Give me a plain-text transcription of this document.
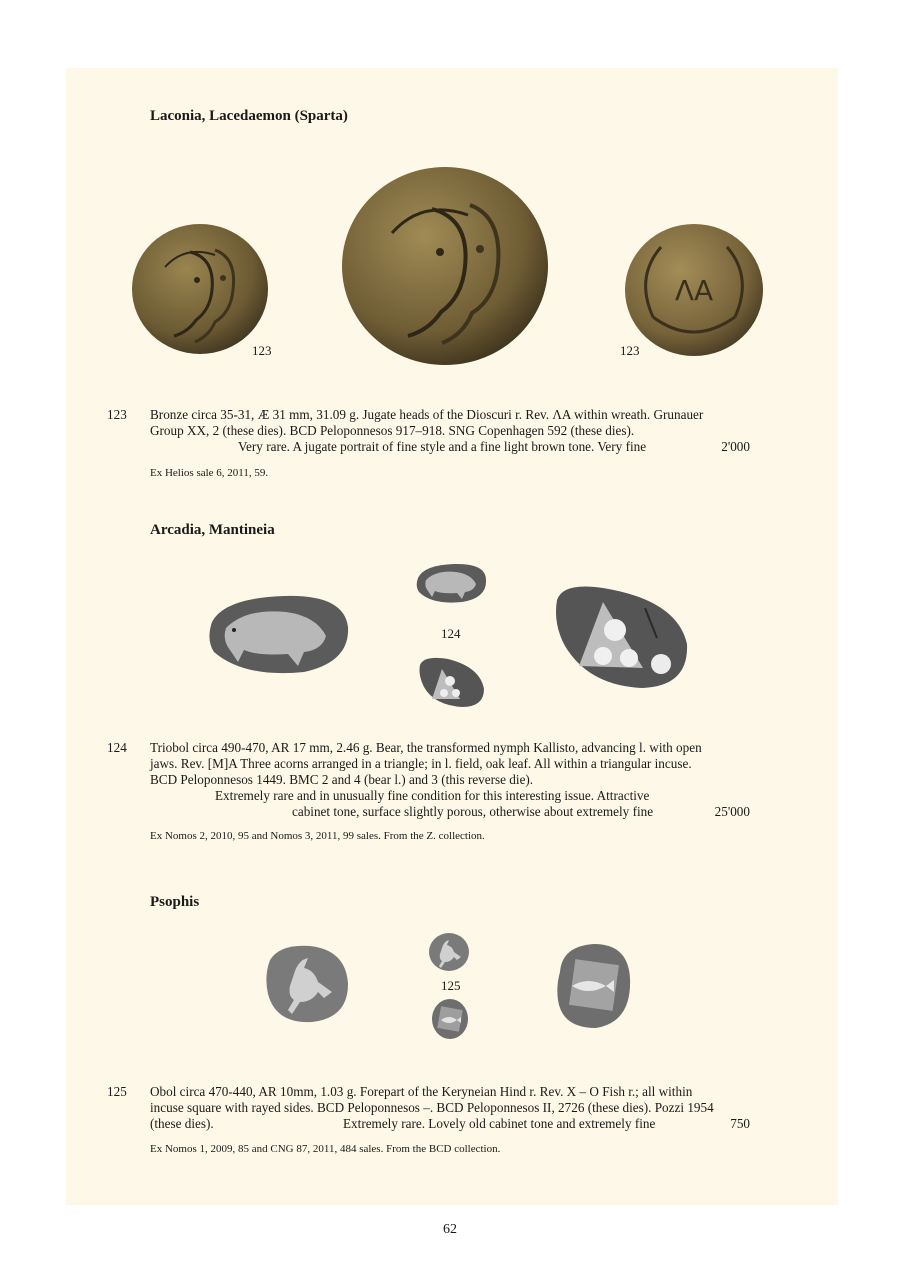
Laconia, Lacedaemon (Sparta)
123
ΛΑ
123
123 Bronze circa 35-31, Æ 31 mm, 31.09 g. Jugate heads of the Dioscuri r. Rev. ΛΑ within wreath. Grunauer
Group XX, 2 (these dies). BCD Peloponnesos 917–918. SNG Copenhagen 592 (these dies).
Very rare. A jugate portrait of fine style and a fine light brown tone. Very fine	2'000
Ex Helios sale 6, 2011, 59.
Arcadia, Mantineia
124
124 Triobol circa 490-470, AR 17 mm, 2.46 g. Bear, the transformed nymph Kallisto, advancing l. with open
jaws. Rev. [M]A Three acorns arranged in a triangle; in l. field, oak leaf. All within a triangular incuse.
BCD Peloponnesos 1449. BMC 2 and 4 (bear l.) and 3 (this reverse die).
Extremely rare and in unusually fine condition for this interesting issue. Attractive
cabinet tone, surface slightly porous, otherwise about extremely fine	25'000
Ex Nomos 2, 2010, 95 and Nomos 3, 2011, 99 sales. From the Z. collection.
Psophis
125
125 Obol circa 470-440, AR 10mm, 1.03 g. Forepart of the Keryneian Hind r. Rev. X – O Fish r.; all within
incuse square with rayed sides. BCD Peloponnesos –. BCD Peloponnesos II, 2726 (these dies). Pozzi 1954
(these dies).	Extremely rare. Lovely old cabinet tone and extremely fine	750
Ex Nomos 1, 2009, 85 and CNG 87, 2011, 484 sales. From the BCD collection.
62
